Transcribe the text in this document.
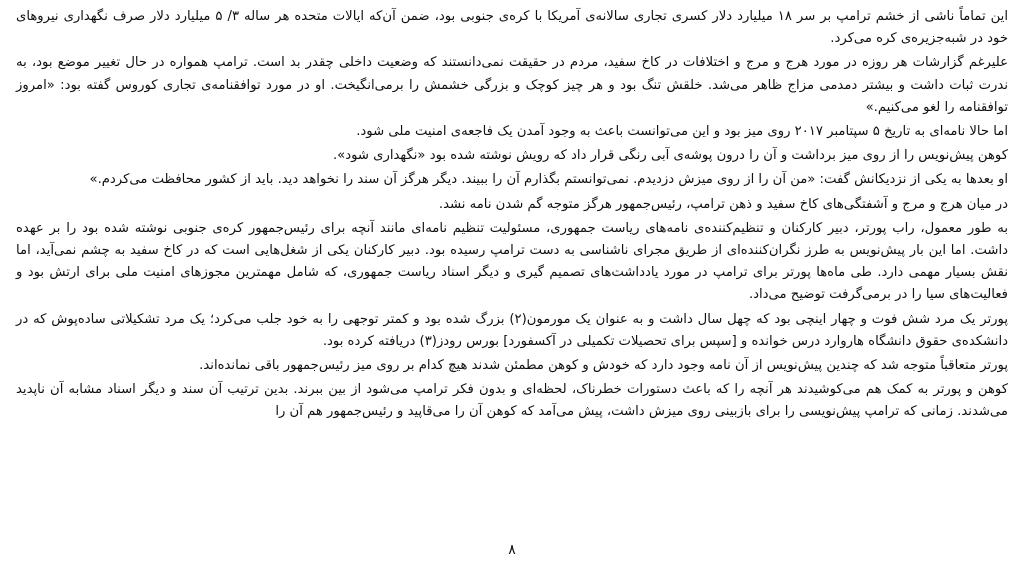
این تماماً ناشی از خشم ترامپ بر سر ۱۸ میلیارد دلار کسری تجاری سالانه‌ی آمریکا با کره‌ی جنوبی بود، ضمن آن‌که ایالات متحده هر ساله ۳/ ۵ میلیارد دلار صرف نگهداری نیروهای خود در شبه‌جزیره‌ی کره می‌کرد.

علیرغم گزارشات هر روزه در مورد هرج و مرج و اختلافات در کاخ سفید، مردم در حقیقت نمی‌دانستند که وضعیت داخلی چقدر بد است. ترامپ همواره در حال تغییر موضع بود، به ندرت ثبات داشت و بیشتر دمدمی مزاج ظاهر می‌شد. خلقش تنگ بود و هر چیز کوچک و بزرگی خشمش را برمی‌انگیخت. او در مورد توافقنامه‌ی تجاری کوروس گفته بود: «امروز توافقنامه را لغو می‌کنیم.»

اما حالا نامه‌ای به تاریخ ۵ سپتامبر ۲۰۱۷ روی میز بود و این می‌توانست باعث به وجود آمدن یک فاجعه‌ی امنیت ملی شود.

کوهن پیش‌نویس را از روی میز برداشت و آن را درون پوشه‌ی آبی رنگی قرار داد که رویش نوشته شده بود «نگهداری شود».

او بعدها به یکی از نزدیکانش گفت: «من آن را از روی میزش دزدیدم. نمی‌توانستم بگذارم آن را ببیند. دیگر هرگز آن سند را نخواهد دید. باید از کشور محافظت می‌کردم.»

در میان هرج و مرج و آشفتگی‌های کاخ سفید و ذهن ترامپ، رئیس‌جمهور هرگز متوجه گم شدن نامه نشد.

به طور معمول، راب پورتر، دبیر کارکنان و تنظیم‌کننده‌ی نامه‌های ریاست جمهوری، مسئولیت تنظیم نامه‌ای مانند آنچه برای رئیس‌جمهور کره‌ی جنوبی نوشته شده بود را بر عهده داشت. اما این بار پیش‌نویس به طرز نگران‌کننده‌ای از طریق مجرای ناشناسی به دست ترامپ رسیده بود. دبیر کارکنان یکی از شغل‌هایی است که در کاخ سفید به چشم نمی‌آید، اما نقش بسیار مهمی دارد. طی ماه‌ها پورتر برای ترامپ در مورد یادداشت‌های تصمیم گیری و دیگر اسناد ریاست جمهوری، که شامل مهمترین مجوزهای امنیت ملی برای ارتش بود و فعالیت‌های سیا را در برمی‌گرفت توضیح می‌داد.

پورتر یک مرد شش فوت و چهار اینچی بود که چهل سال داشت و به عنوان یک مورمون(۲) بزرگ شده بود و کمتر توجهی را به خود جلب می‌کرد؛ یک مرد تشکیلاتی ساده‌پوش که در دانشکده‌ی حقوق دانشگاه هاروارد درس خوانده و [سپس برای تحصیلات تکمیلی در آکسفورد] بورس رودز(۳) دریافته کرده بود.

پورتر متعاقباً متوجه شد که چندین پیش‌نویس از آن نامه وجود دارد که خودش و کوهن مطمئن شدند هیچ کدام بر روی میز رئیس‌جمهور باقی نمانده‌اند.

کوهن و پورتر به کمک هم می‌کوشیدند هر آنچه را که باعث دستورات خطرناک، لحظه‌ای و بدون فکر ترامپ می‌شود از بین ببرند. بدین ترتیب آن سند و دیگر اسناد مشابه آن ناپدید می‌شدند. زمانی که ترامپ پیش‌نویسی را برای بازبینی روی میزش داشت، پیش می‌آمد که کوهن آن را می‌قاپید و رئیس‌جمهور هم آن را

۸
